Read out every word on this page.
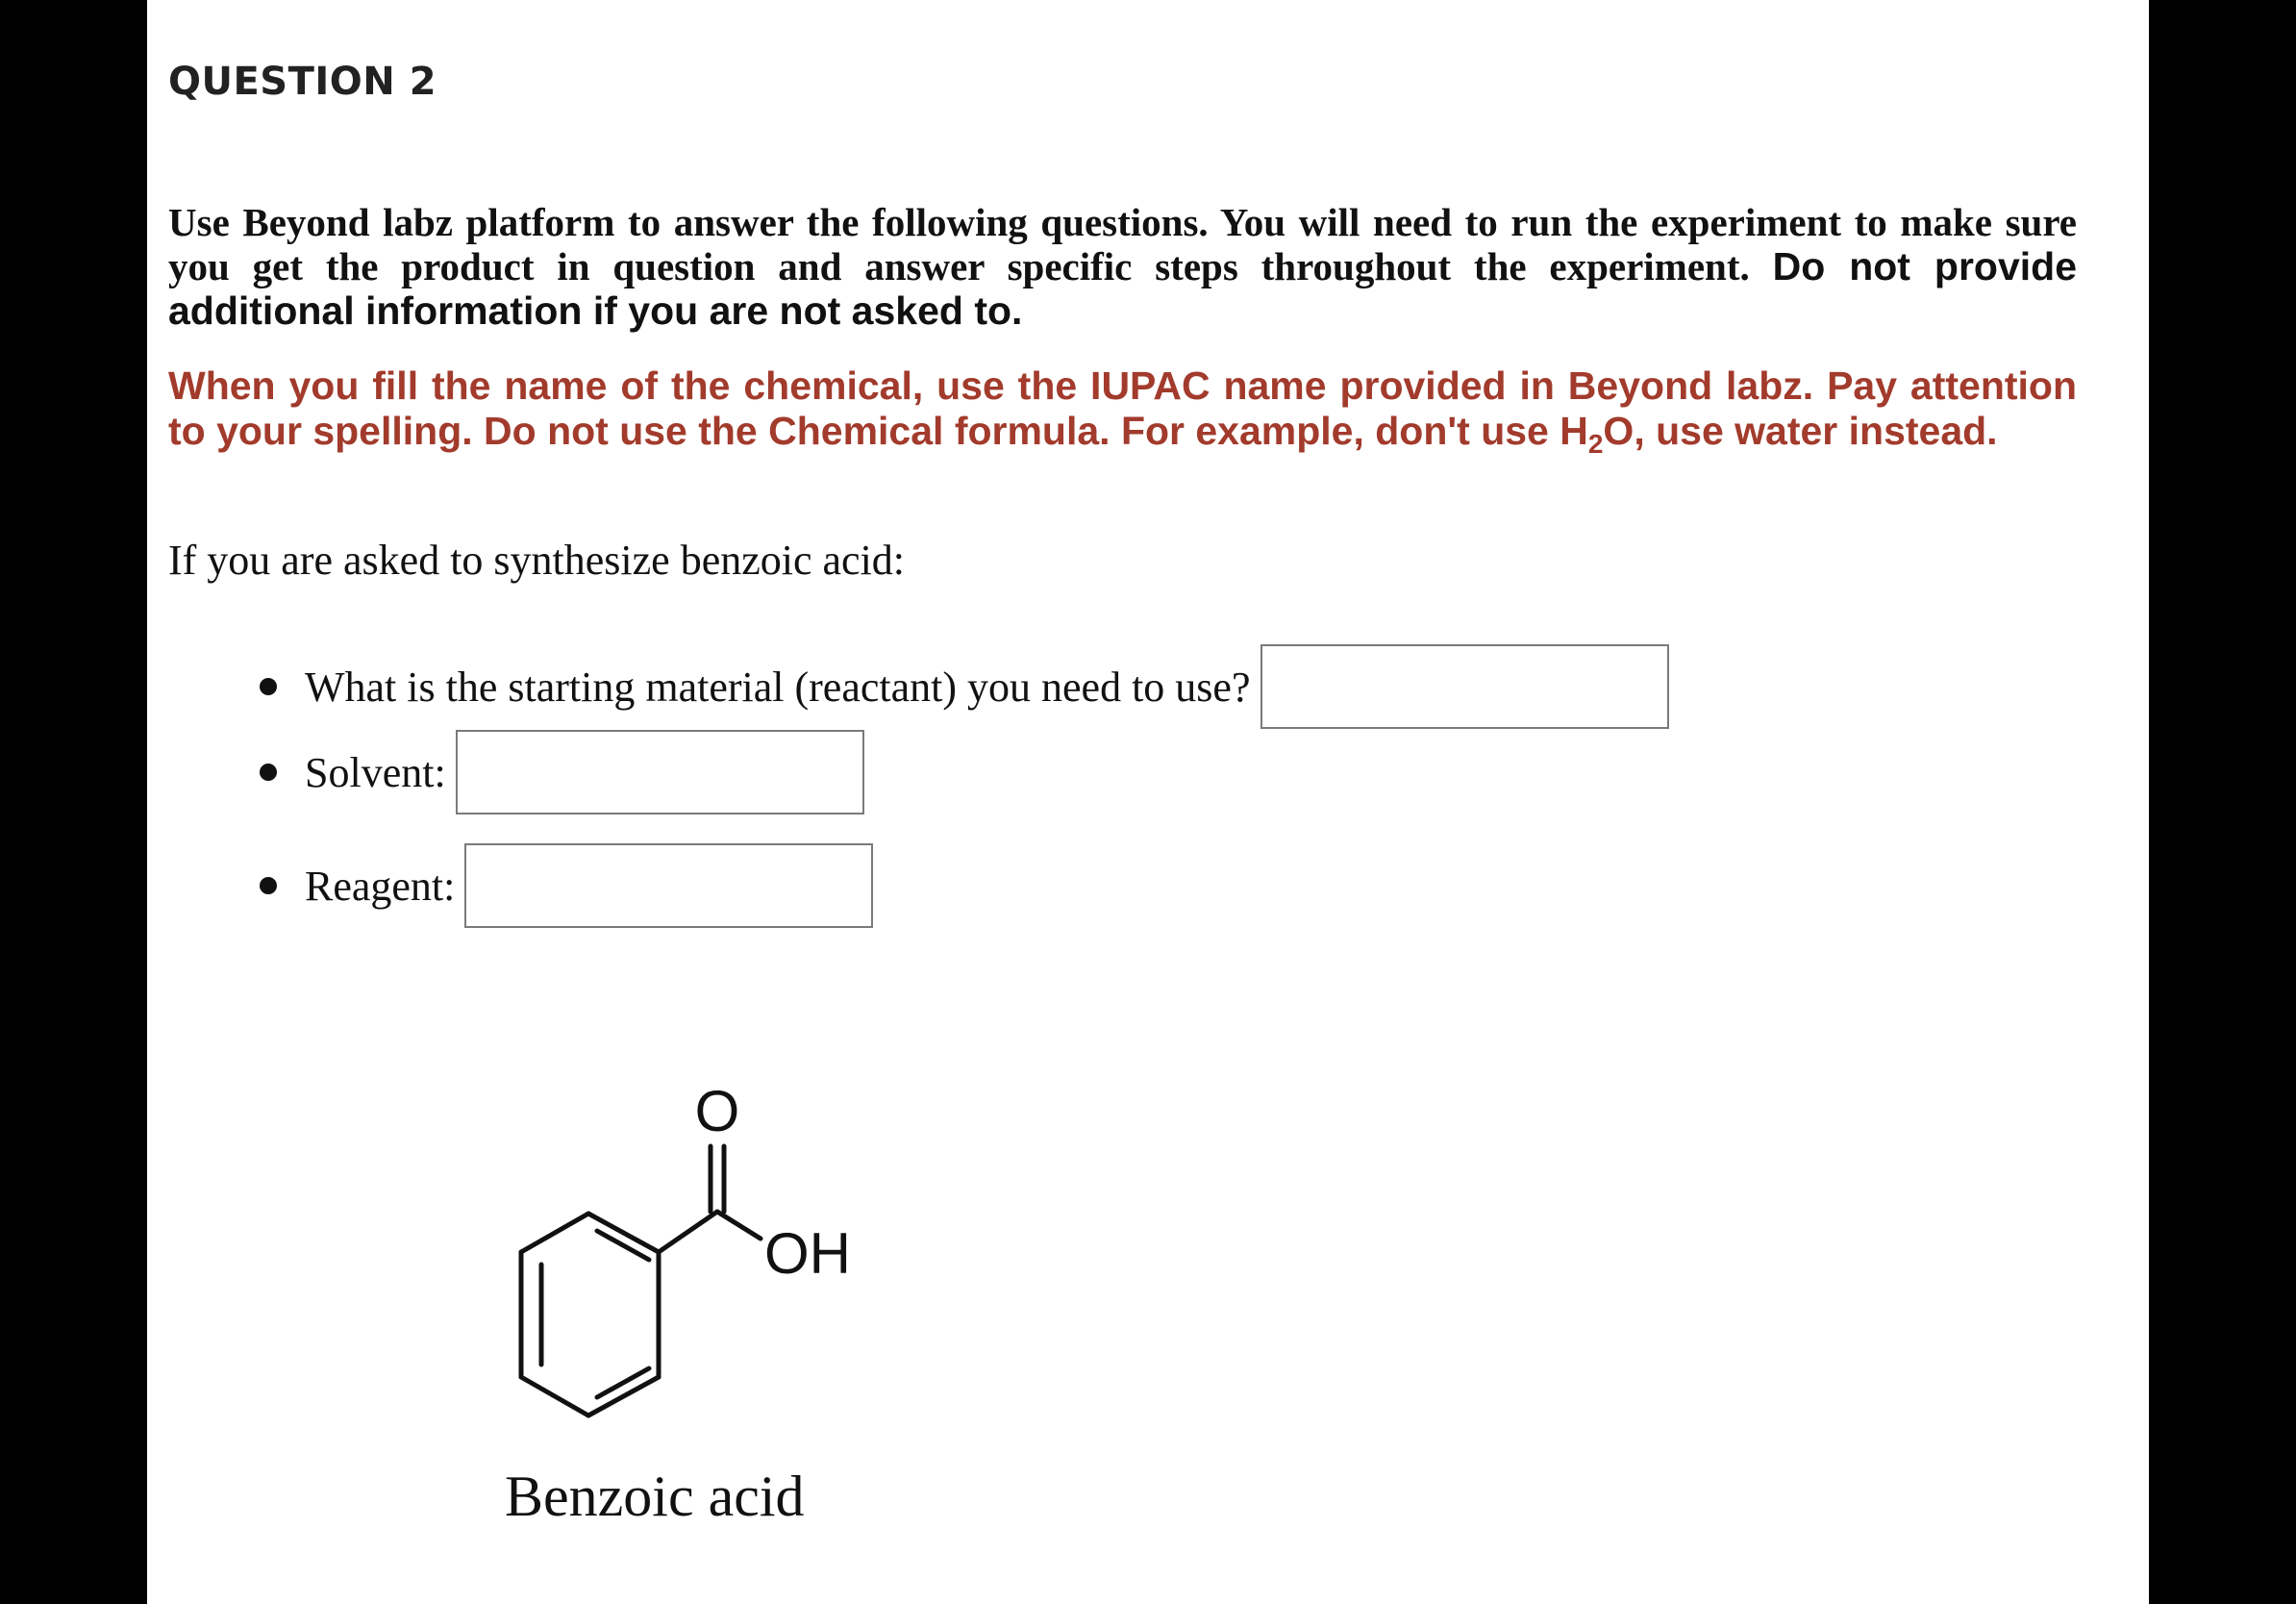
QUESTION 2

Use Beyond labz platform to answer the following questions. You will need to run the experiment to make sure you get the product in question and answer specific steps throughout the experiment. Do not provide additional information if you are not asked to.

When you fill the name of the chemical, use the IUPAC name provided in Beyond labz. Pay attention to your spelling. Do not use the Chemical formula. For example, don't use $H_2O$, use water instead.

If you are asked to synthesize benzoic acid:

What is the starting material (reactant) you need to use?
Solvent:
Reagent:
O
OH

Benzoic acid
